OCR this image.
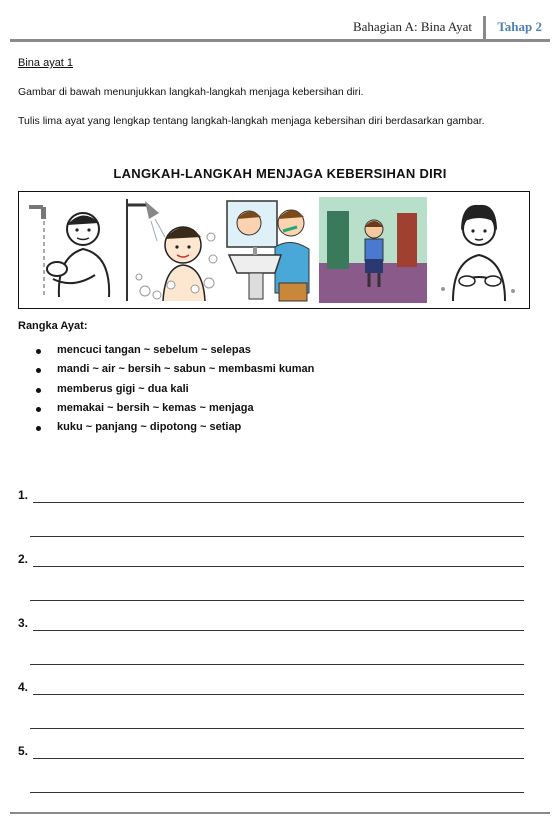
Bahagian A: Bina Ayat Tahap 2
Bina ayat 1
Gambar di bawah menunjukkan langkah-langkah menjaga kebersihan diri.
Tulis lima ayat yang lengkap tentang langkah-langkah menjaga kebersihan diri berdasarkan gambar.
LANGKAH-LANGKAH MENJAGA KEBERSIHAN DIRI
Rangka Ayat:
mencuci tangan ~ sebelum ~ selepas
mandi ~ air ~ bersih ~ sabun ~ membasmi kuman
memberus gigi ~ dua kali
memakai ~ bersih ~ kemas ~ menjaga
kuku ~ panjang ~ dipotong ~ setiap
1.
2.
3.
4.
5.
